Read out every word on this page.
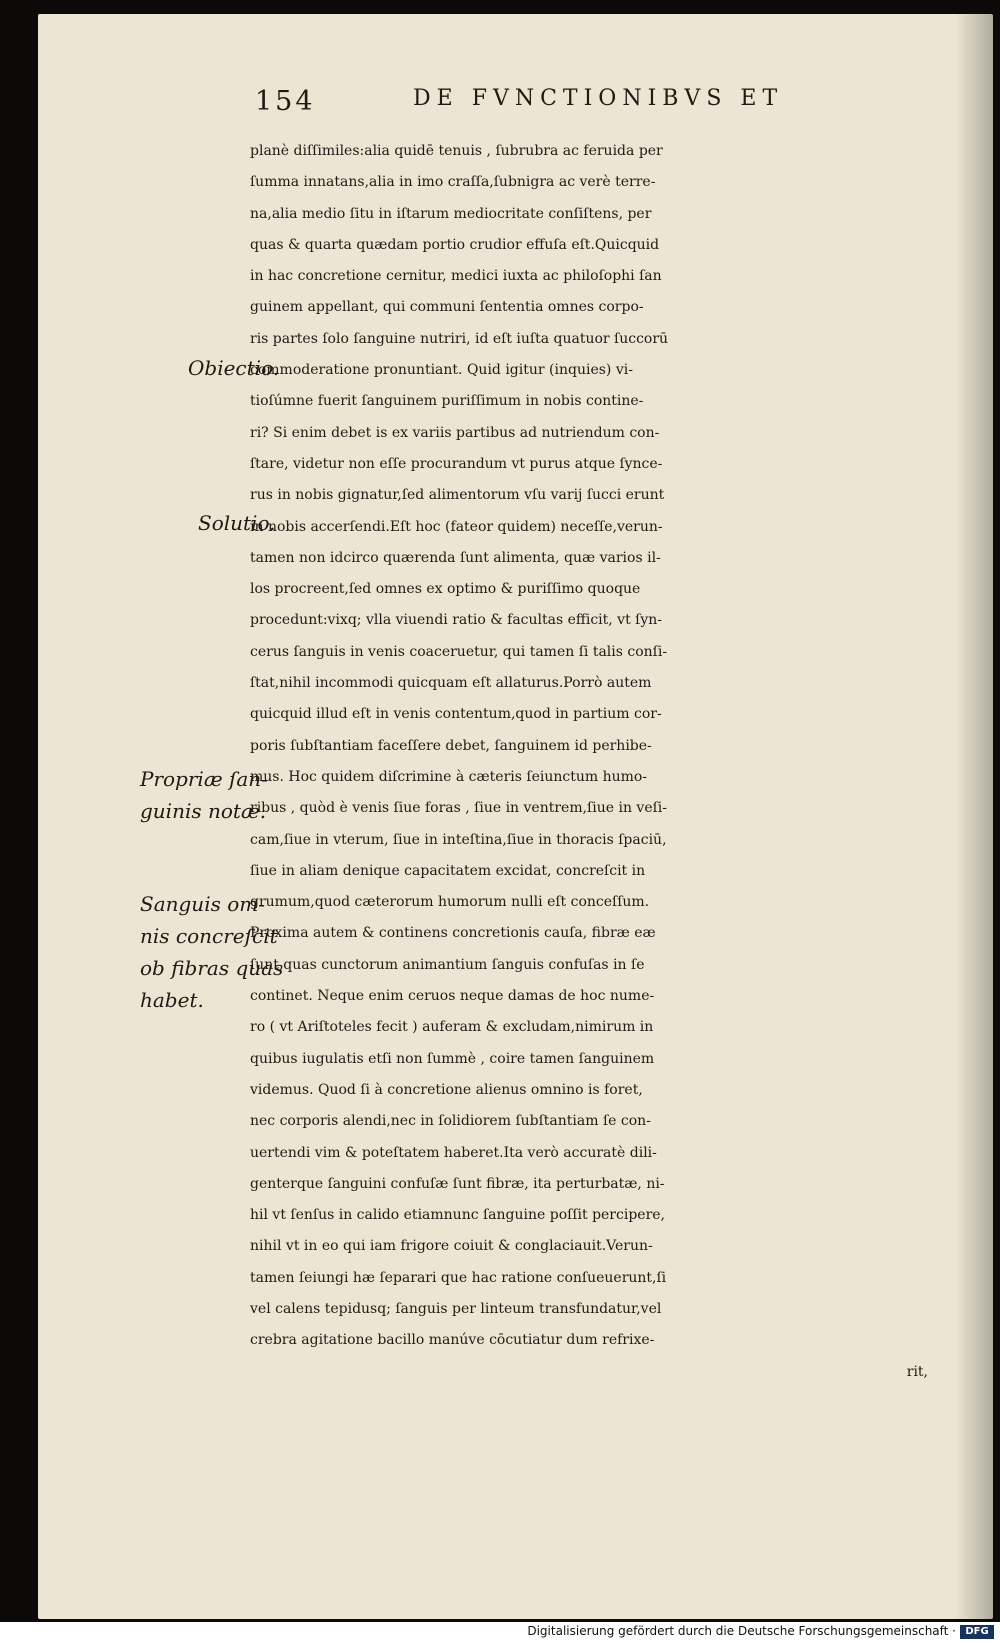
154	DE FVNCTIONIBVS ET
planè diſſimiles:alia quidē tenuis , ſubrubra ac feruida per
ſumma innatans,alia in imo craſſa,ſubnigra ac verè terre-
na,alia medio ſitu in iſtarum mediocritate conſiſtens, per
quas & quarta quædam portio crudior effuſa eſt.Quicquid
in hac concretione cernitur, medici iuxta ac philoſophi ſan
guinem appellant, qui communi ſententia omnes corpo-
ris partes ſolo ſanguine nutriri, id eſt iuſta quatuor ſuccorū
commoderatione pronuntiant. Quid igitur (inquies) vi-
tioſúmne fuerit ſanguinem puriſſimum in nobis contine-
ri? Si enim debet is ex variis partibus ad nutriendum con-
ſtare, videtur non eſſe procurandum vt purus atque ſynce-
rus in nobis gignatur,ſed alimentorum vſu varij ſucci erunt
in nobis accerſendi.Eſt hoc (fateor quidem) neceſſe,verun-
tamen non idcirco quærenda ſunt alimenta, quæ varios il-
los procreent,ſed omnes ex optimo & puriſſimo quoque
procedunt:vixq; vlla viuendi ratio & facultas efficit, vt ſyn-
cerus ſanguis in venis coaceruetur, qui tamen ſi talis conſi-
ſtat,nihil incommodi quicquam eſt allaturus.Porrò autem
quicquid illud eſt in venis contentum,quod in partium cor-
poris ſubſtantiam faceſſere debet, ſanguinem id perhibe-
mus. Hoc quidem diſcrimine à cæteris ſeiunctum humo-
ribus , quòd è venis ſiue foras , ſiue in ventrem,ſiue in veſi-
cam,ſiue in vterum, ſiue in inteſtina,ſiue in thoracis ſpaciū,
ſiue in aliam denique capacitatem excidat, concreſcit in
grumum,quod cæterorum humorum nulli eſt conceſſum.
Proxima autem & continens concretionis cauſa, fibræ eæ
ſunt,quas cunctorum animantium ſanguis confuſas in ſe
continet. Neque enim ceruos neque damas de hoc nume-
ro ( vt Ariſtoteles fecit ) auferam & excludam,nimirum in
quibus iugulatis etſi non ſummè , coire tamen ſanguinem
videmus. Quod ſi à concretione alienus omnino is foret,
nec corporis alendi,nec in ſolidiorem ſubſtantiam ſe con-
uertendi vim & poteſtatem haberet.Ita verò accuratè dili-
genterque ſanguini confuſæ ſunt fibræ, ita perturbatæ, ni-
hil vt ſenſus in calido etiamnunc ſanguine poſſit percipere,
nihil vt in eo qui iam frigore coiuit & conglaciauit.Verun-
tamen ſeiungi hæ ſeparari que hac ratione conſueuerunt,ſi
vel calens tepidusq; ſanguis per linteum transfundatur,vel
crebra agitatione bacillo manúve cōcutiatur dum refrixe-
rit,
Obiectio.
Solutio.
Propriæ ſan-
guinis notæ.
Sanguis om-
nis concreſcit
ob fibras quas
habet.
Digitalisierung gefördert durch die Deutsche Forschungsgemeinschaft · DFG
